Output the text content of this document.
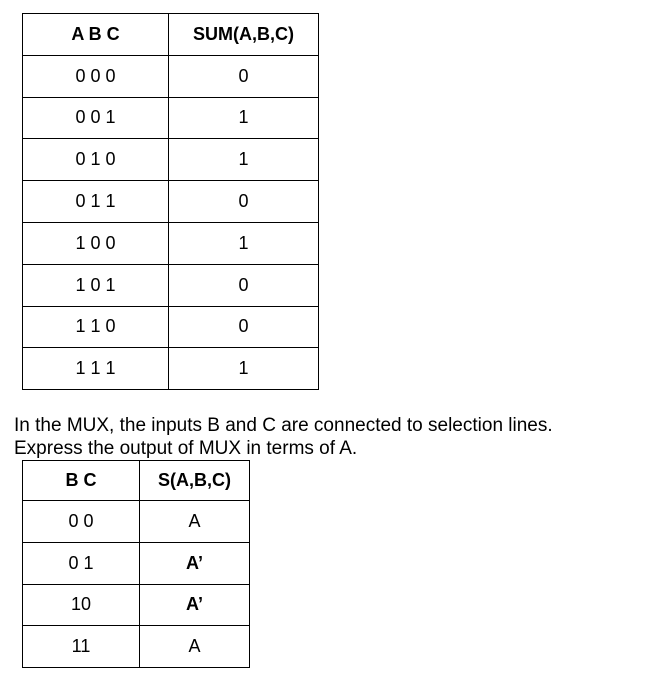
A B C	SUM(A,B,C)
0 0 0	0
0 0 1	1
0 1 0	1
0 1 1	0
1 0 0	1
1 0 1	0
1 1 0	0
1 1 1	1

In the MUX, the inputs B and C are connected to selection lines.
Express the output of MUX in terms of A.

B C	S(A,B,C)
0 0	A
0 1	A’
10	A’
11	A
